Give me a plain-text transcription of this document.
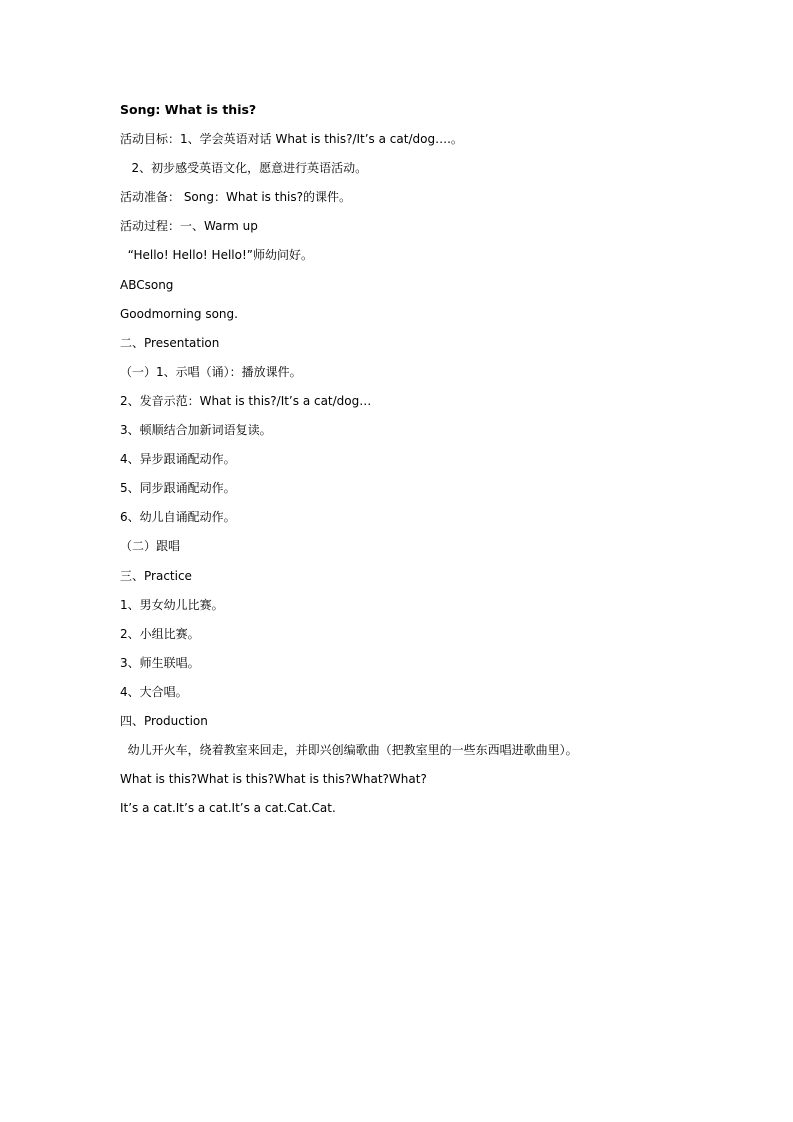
Song: What is this?
活动目标：1、学会英语对话 What is this?/It’s a cat/dog….。
2、初步感受英语文化，愿意进行英语活动。
活动准备： Song：What is this?的课件。
活动过程：一、Warm up
“Hello! Hello! Hello!”师幼问好。
ABCsong
Goodmorning song.
二、Presentation
（一）1、示唱（诵）：播放课件。
2、发音示范：What is this?/It’s a cat/dog…
3、顿顺结合加新词语复读。
4、异步跟诵配动作。
5、同步跟诵配动作。
6、幼儿自诵配动作。
（二）跟唱
三、Practice
1、男女幼儿比赛。
2、小组比赛。
3、师生联唱。
4、大合唱。
四、Production
幼儿开火车，绕着教室来回走，并即兴创编歌曲（把教室里的一些东西唱进歌曲里）。
What is this?What is this?What is this?What?What?
It’s a cat.It’s a cat.It’s a cat.Cat.Cat.
